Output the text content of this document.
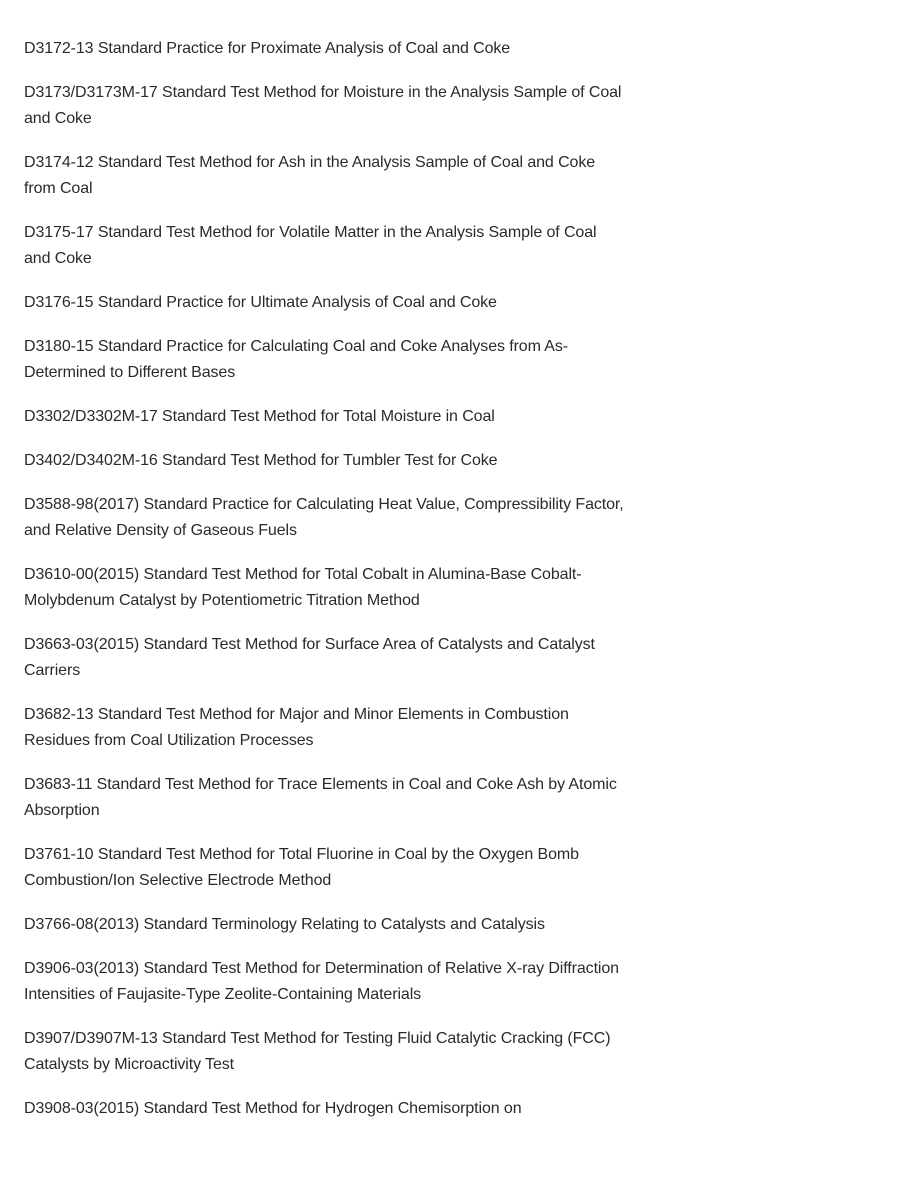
D3172-13 Standard Practice for Proximate Analysis of Coal and Coke

D3173/D3173M-17 Standard Test Method for Moisture in the Analysis Sample of Coal and Coke

D3174-12 Standard Test Method for Ash in the Analysis Sample of Coal and Coke from Coal

D3175-17 Standard Test Method for Volatile Matter in the Analysis Sample of Coal and Coke

D3176-15 Standard Practice for Ultimate Analysis of Coal and Coke

D3180-15 Standard Practice for Calculating Coal and Coke Analyses from As-Determined to Different Bases

D3302/D3302M-17 Standard Test Method for Total Moisture in Coal

D3402/D3402M-16 Standard Test Method for Tumbler Test for Coke

D3588-98(2017) Standard Practice for Calculating Heat Value, Compressibility Factor, and Relative Density of Gaseous Fuels

D3610-00(2015) Standard Test Method for Total Cobalt in Alumina-Base Cobalt-Molybdenum Catalyst by Potentiometric Titration Method

D3663-03(2015) Standard Test Method for Surface Area of Catalysts and Catalyst Carriers

D3682-13 Standard Test Method for Major and Minor Elements in Combustion Residues from Coal Utilization Processes

D3683-11 Standard Test Method for Trace Elements in Coal and Coke Ash by Atomic Absorption

D3761-10 Standard Test Method for Total Fluorine in Coal by the Oxygen Bomb Combustion/Ion Selective Electrode Method

D3766-08(2013) Standard Terminology Relating to Catalysts and Catalysis

D3906-03(2013) Standard Test Method for Determination of Relative X-ray Diffraction Intensities of Faujasite-Type Zeolite-Containing Materials

D3907/D3907M-13 Standard Test Method for Testing Fluid Catalytic Cracking (FCC) Catalysts by Microactivity Test

D3908-03(2015) Standard Test Method for Hydrogen Chemisorption on
